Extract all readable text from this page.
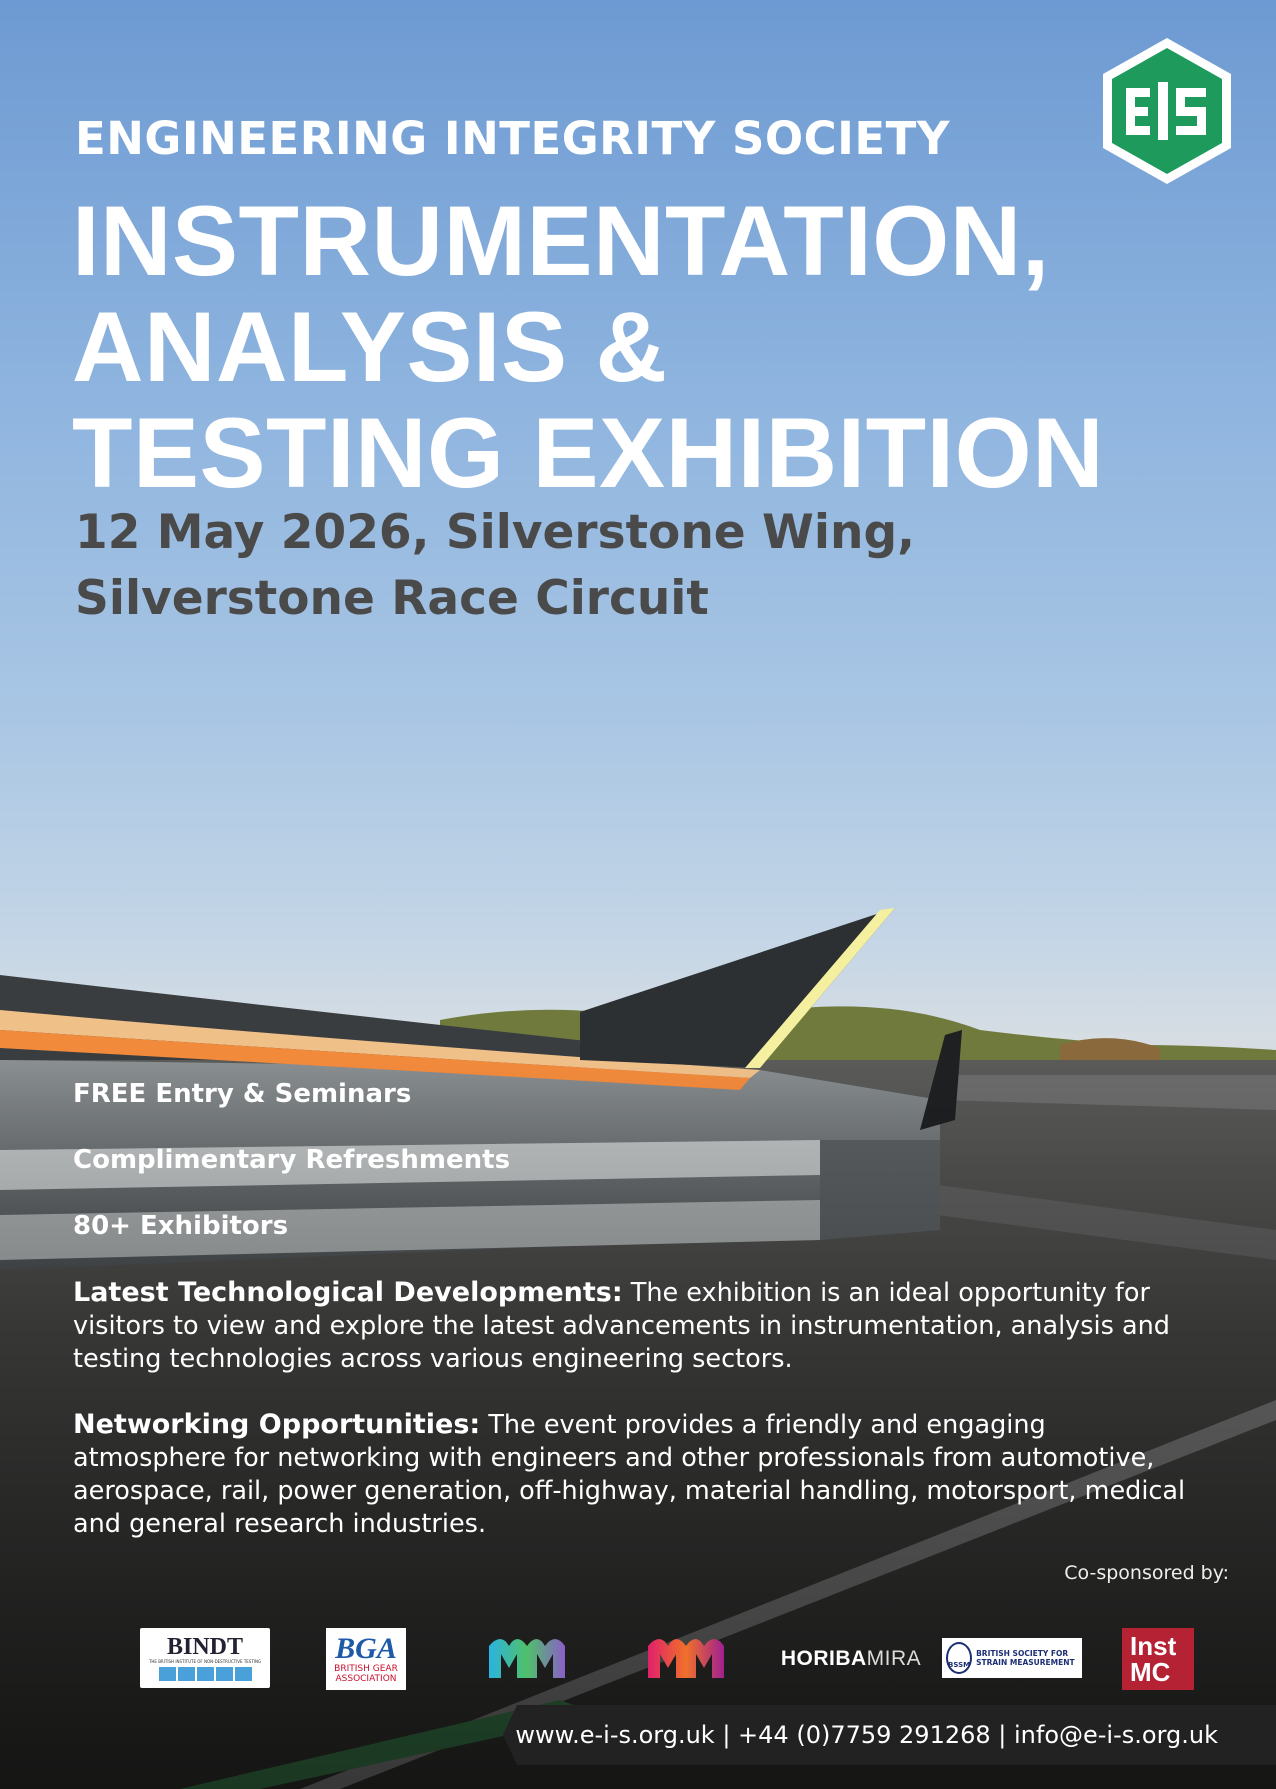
ENGINEERING INTEGRITY SOCIETY
INSTRUMENTATION,
ANALYSIS &
TESTING EXHIBITION
12 May 2026, Silverstone Wing,
Silverstone Race Circuit
FREE Entry & Seminars
Complimentary Refreshments
80+ Exhibitors

Latest Technological Developments: The exhibition is an ideal opportunity for visitors to view and explore the latest advancements in instrumentation, analysis and testing technologies across various engineering sectors.

Networking Opportunities: The event provides a friendly and engaging atmosphere for networking with engineers and other professionals from automotive, aerospace, rail, power generation, off-highway, material handling, motorsport, medical and general research industries.

Co-sponsored by:
BINDT
THE BRITISH INSTITUTE OF NON-DESTRUCTIVE TESTING BGA
BRITISH GEAR ASSOCIATION
HORIBA MIRA	BSSM
BRITISH SOCIETY FOR STRAIN MEASUREMENT
Inst
MC
www.e-i-s.org.uk | +44 (0)7759 291268 | info@e-i-s.org.uk
